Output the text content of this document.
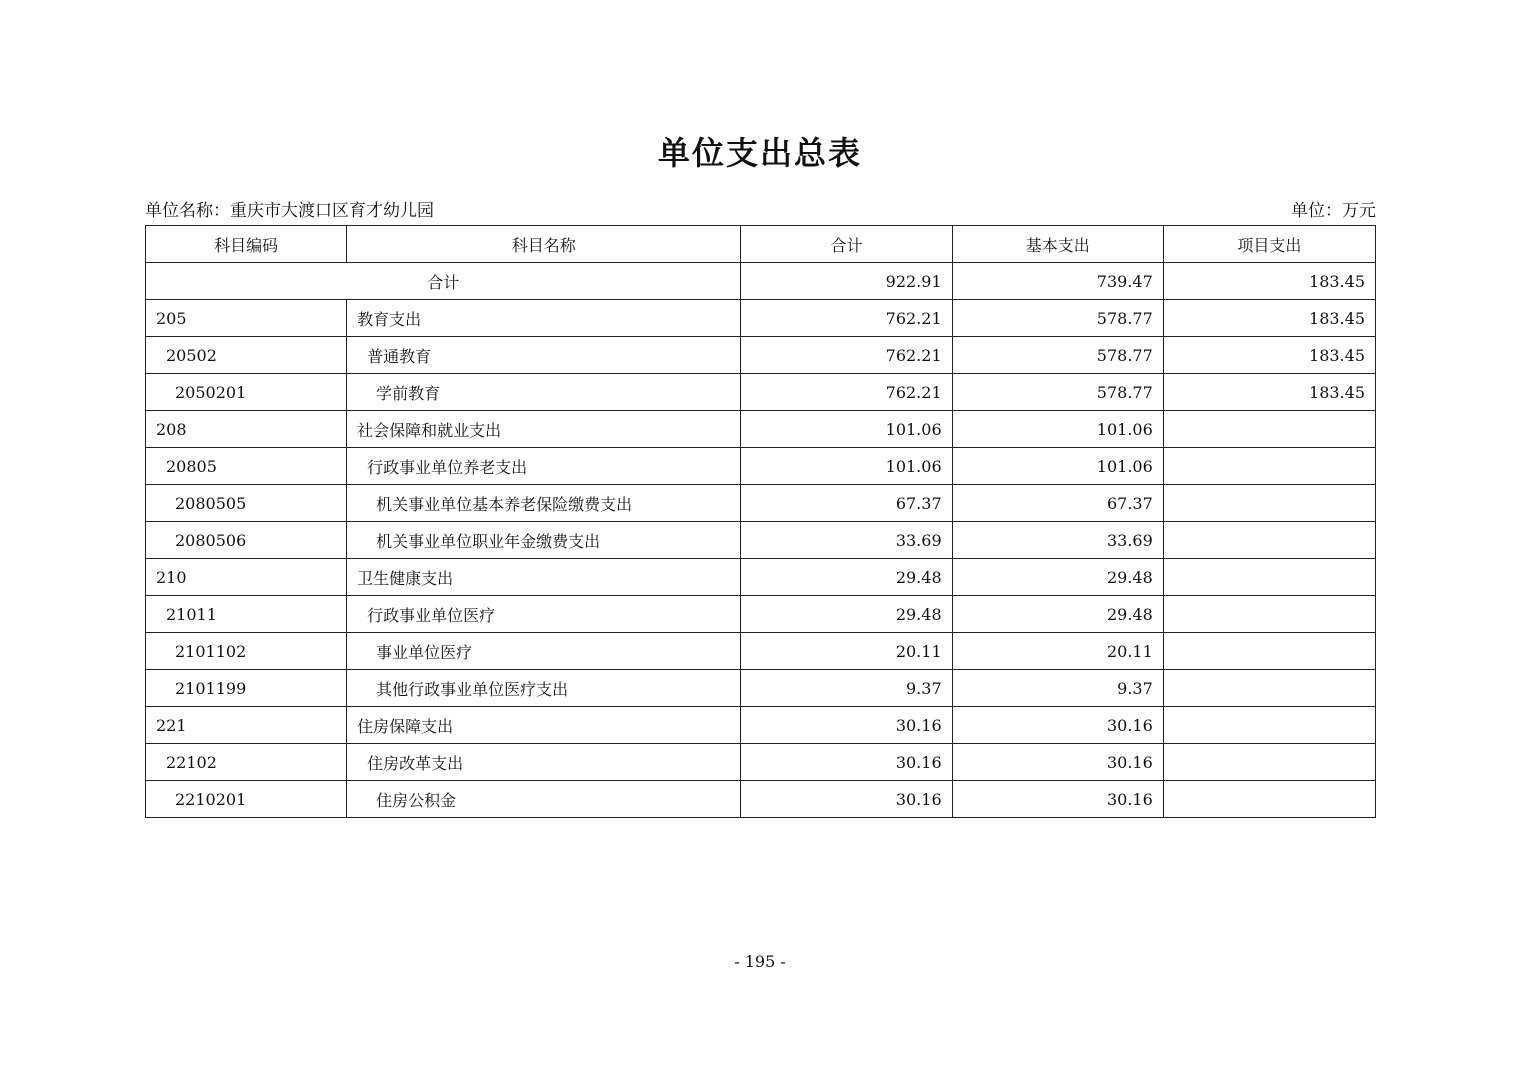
单位支出总表
单位名称：重庆市大渡口区育才幼儿园	单位：万元
科目编码	科目名称	合计	基本支出	项目支出
合计		922.91	739.47	183.45
205	教育支出	762.21	578.77	183.45
20502	普通教育	762.21	578.77	183.45
2050201	学前教育	762.21	578.77	183.45
208	社会保障和就业支出	101.06	101.06	
20805	行政事业单位养老支出	101.06	101.06	
2080505	机关事业单位基本养老保险缴费支出	67.37	67.37	
2080506	机关事业单位职业年金缴费支出	33.69	33.69	
210	卫生健康支出	29.48	29.48	
21011	行政事业单位医疗	29.48	29.48	
2101102	事业单位医疗	20.11	20.11	
2101199	其他行政事业单位医疗支出	9.37	9.37	
221	住房保障支出	30.16	30.16	
22102	住房改革支出	30.16	30.16	
2210201	住房公积金	30.16	30.16	
- 195 -
